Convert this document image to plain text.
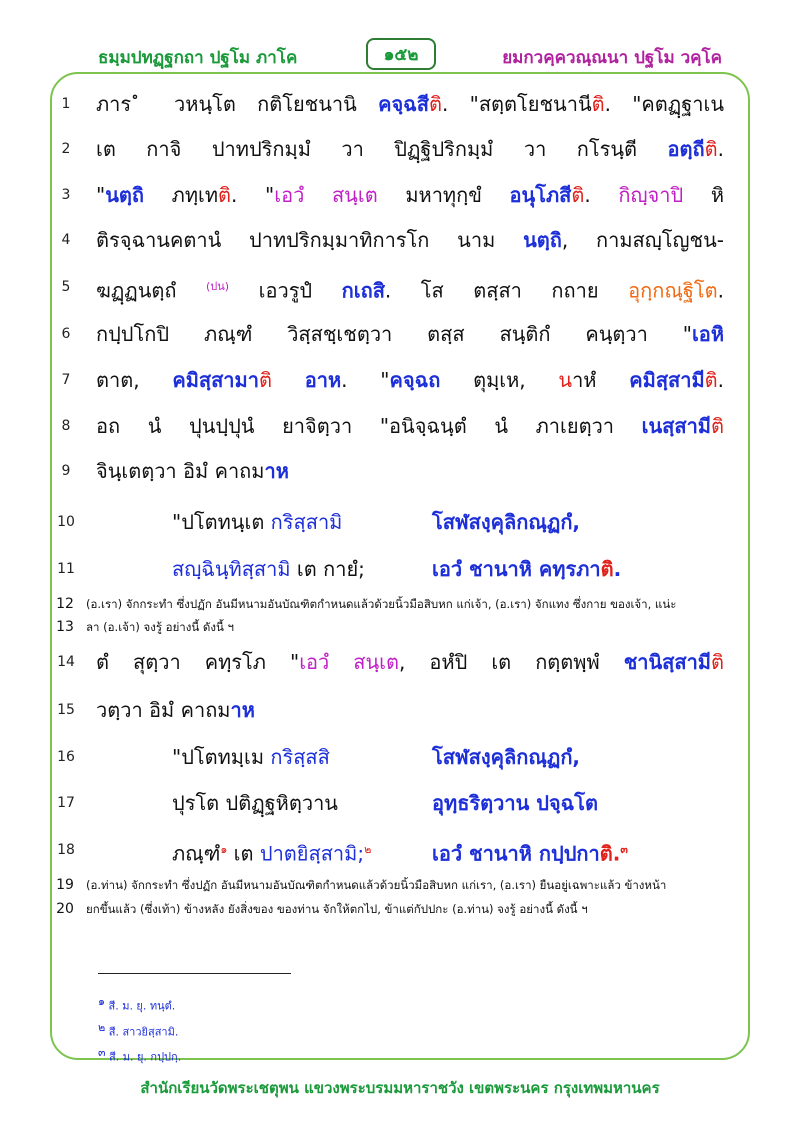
ธมฺมปทฏฺฐกถา ปฐโม ภาโค	๑๕๒	ยมกวคฺควณฺณนา ปฐโม วคฺโค
1	ภาร ํ วหนฺโต กติโยชนานิ คจฺฉสีติ. "สตฺตโยชนานีติ. "คตฏฺฐาเน
2	เต กาจิ ปาทปริกมฺมํ วา ปิฏฺฐิปริกมฺมํ วา กโรนฺตี อตฺถีติ.
3	"นตฺถิ ภทฺเทติ. "เอวํ สนฺเต มหาทุกฺขํ อนุโภสีติ. กิญฺจาปิ หิ
4	ติรจฺฉานคตานํ ปาทปริกมฺมาทิการโก นาม นตฺถิ, กามสญฺโญชน-
5	ฆฏฺฏนตฺถํ $^{(ปน)}$ เอวรูปํ กเถสิ. โส ตสฺสา กถาย อุกฺกณฺฐิโต.
6	กปฺปโกปิ ภณฺฑํ วิสฺสชฺเชตฺวา ตสฺส สนฺติกํ คนฺตฺวา "เอหิ
7	ตาต, คมิสฺสามาติ อาห. "คจฺฉถ ตุมฺเห, นาหํ คมิสฺสามีติ.
8	อถ นํ ปุนปฺปุนํ ยาจิตฺวา "อนิจฺฉนฺตํ นํ ภาเยตฺวา เนสฺสามีติ
9	จินฺเตตฺวา อิมํ คาถมาห
12	(อ.เรา) จักกระทำ ซึ่งปฏัก อันมีหนามอันบัณฑิตกำหนดแล้วด้วยนิ้วมือสิบหก แก่เจ้า, (อ.เรา) จักแทง ซึ่งกาย ของเจ้า, แน่ะ
13	ลา (อ.เจ้า) จงรู้ อย่างนี้ ดังนี้ ฯ
14	ตํ สุตฺวา คทฺรโภ "เอวํ สนฺเต, อหํปิ เต กตฺตพฺพํ ชานิสฺสามีติ
15	วตฺวา อิมํ คาถมาห
19	(อ.ท่าน) จักกระทำ ซึ่งปฏัก อันมีหนามอันบัณฑิตกำหนดแล้วด้วยนิ้วมือสิบหก แก่เรา, (อ.เรา) ยืนอยู่เฉพาะแล้ว ข้างหน้า
20	ยกขึ้นแล้ว (ซึ่งเท้า) ข้างหลัง ยังสิ่งของ ของท่าน จักให้ตกไป, ข้าแต่กัปปกะ (อ.ท่าน) จงรู้ อย่างนี้ ดังนี้ ฯ
10	"ปโตทนฺเต กริสฺสามิ	โสฬสงฺคุลิกณฺฏกํ,
11	สญฺฉินฺทิสฺสามิ เต กายํ;	เอวํ ชานาหิ คทฺรภาติ.
16	"ปโตทมฺเม กริสฺสสิ	โสฬสงฺคุลิกณฺฏกํ,
17	ปุรโต ปติฏฺฐหิตฺวาน	อุทฺธริตฺวาน ปจฺฉโต
18	ภณฺฑํ$^๑$ เต ปาตยิสฺสามิ;$^๒$	เอวํ ชานาหิ กปฺปกาติ.$^๓$
$^๑$ สี. ม. ยุ. ทนฺตํ.
$^๒$ สี. สาวยิสฺสามิ.
$^๓$ สี. ม. ยุ. กปฺปกฺ.
สำนักเรียนวัดพระเชตุพน แขวงพระบรมมหาราชวัง เขตพระนคร กรุงเทพมหานคร
